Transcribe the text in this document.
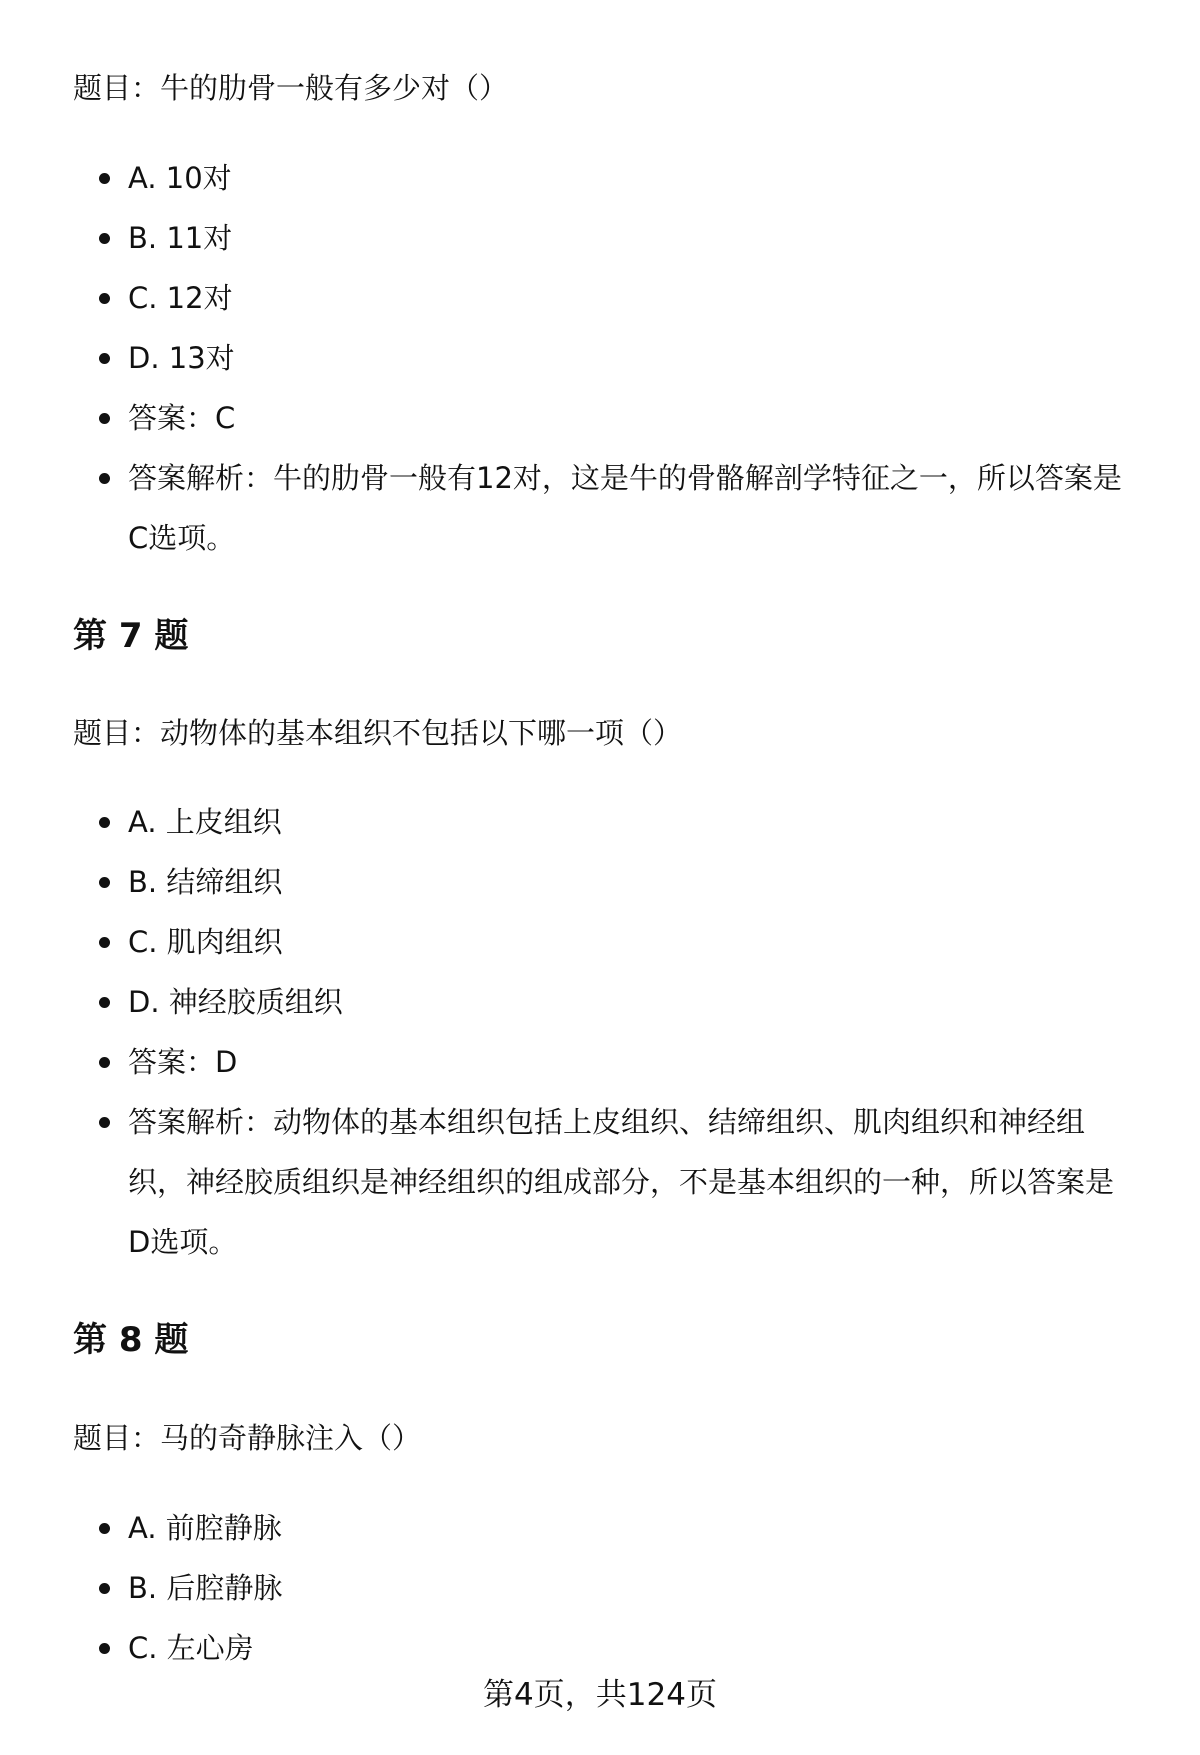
题目：牛的肋骨一般有多少对（）
A. 10对
B. 11对
C. 12对
D. 13对
答案：C
答案解析：牛的肋骨一般有12对，这是牛的骨骼解剖学特征之一，所以答案是
C选项。
第 7 题
题目：动物体的基本组织不包括以下哪一项（）
A. 上皮组织
B. 结缔组织
C. 肌肉组织
D. 神经胶质组织
答案：D
答案解析：动物体的基本组织包括上皮组织、结缔组织、肌肉组织和神经组
织，神经胶质组织是神经组织的组成部分，不是基本组织的一种，所以答案是
D选项。
第 8 题
题目：马的奇静脉注入（）
A. 前腔静脉
B. 后腔静脉
C. 左心房
第4页，共124页
